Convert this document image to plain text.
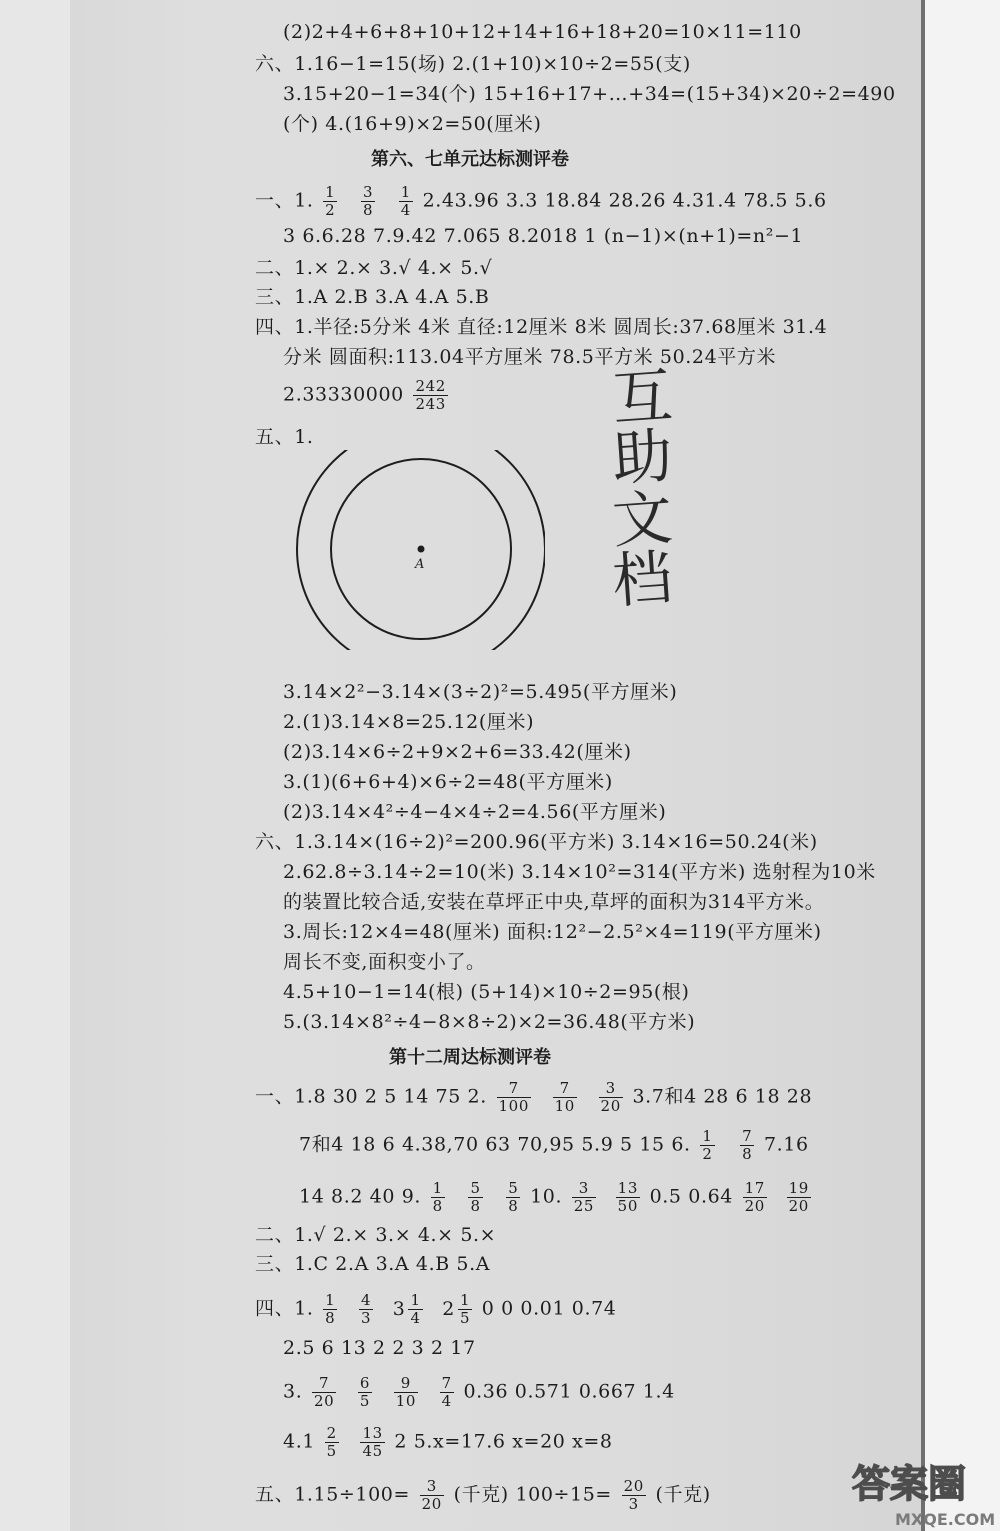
(2)2+4+6+8+10+12+14+16+18+20=10×11=110
六、1.16−1=15(场) 2.(1+10)×10÷2=55(支)
3.15+20−1=34(个) 15+16+17+…+34=(15+34)×20÷2=490
(个) 4.(16+9)×2=50(厘米)
第六、七单元达标测评卷
一、1. $\frac{1}{2}$
$\frac{3}{8}$
$\frac{1}{4} 2.43.96$ 3.3 18.84 28.26 4.31.4 78.5 5.6
3 6.6.28 7.9.42 7.065 8.2018 1 (n−1)×(n+1)=n²−1
二、1.× 2.× 3.√ 4.× 5.√
三、1.A 2.B 3.A 4.A 5.B
四、1.半径:5分米 4米 直径:12厘米 8米 圆周长:37.68厘米 31.4
分米 圆面积:113.04平方厘米 78.5平方米 50.24平方米
$2.33330000 \frac{242}{243}$
五、1.
A
互
助
文
档
3.14×2²−3.14×(3÷2)²=5.495(平方厘米)
2.(1)3.14×8=25.12(厘米)
(2)3.14×6÷2+9×2+6=33.42(厘米)
3.(1)(6+6+4)×6÷2=48(平方厘米)
(2)3.14×4²÷4−4×4÷2=4.56(平方厘米)
六、1.3.14×(16÷2)²=200.96(平方米) 3.14×16=50.24(米)
2.62.8÷3.14÷2=10(米) 3.14×10²=314(平方米) 选射程为10米
的装置比较合适,安装在草坪正中央,草坪的面积为314平方米。
3.周长:12×4=48(厘米) 面积:12²−2.5²×4=119(平方厘米)
周长不变,面积变小了。
4.5+10−1=14(根) (5+14)×10÷2=95(根)
5.(3.14×8²÷4−8×8÷2)×2=36.48(平方米)
第十二周达标测评卷
一、1.8 30 2 5 14 75 2. $\frac{7}{100}$
$\frac{7}{10}$
$\frac{3}{20} 3.7$和4 28 6 18 28
7和4 18 6 4.38,70 63 70,95 5.9 5 15 6. $\frac{1}{2}$
$\frac{7}{8} 7.16$
14 8.2 40 9. $\frac{1}{8}$
$\frac{5}{8}$
$\frac{5}{8} 10$. $\frac{3}{25}$
$\frac{13}{50} 0.5$ $0.64 \frac{17}{20}$
$\frac{19}{20}$
二、1.√ 2.× 3.× 4.× 5.×
三、1.C 2.A 3.A 4.B 5.A
四、1. $\frac{1}{8}$
$\frac{4}{3} 3 \frac{1}{4} 2 \frac{1}{5} 0$ 0 0.01 0.74
2.5 6 13 2 2 3 2 17
3. $\frac{7}{20}$
$\frac{6}{5}$
$\frac{9}{10}$
$\frac{7}{4} 0.36$ 0.571 0.667 1.4
$4.1 \frac{2}{5}$
$\frac{13}{45} 2$ 5.x=17.6 x=20 x=8
五、$1.15\div 100= \frac{3}{20}$ (千克) $100\div 15= \frac{20}{3}$ (千克)	答案圈
MXQE.COM
